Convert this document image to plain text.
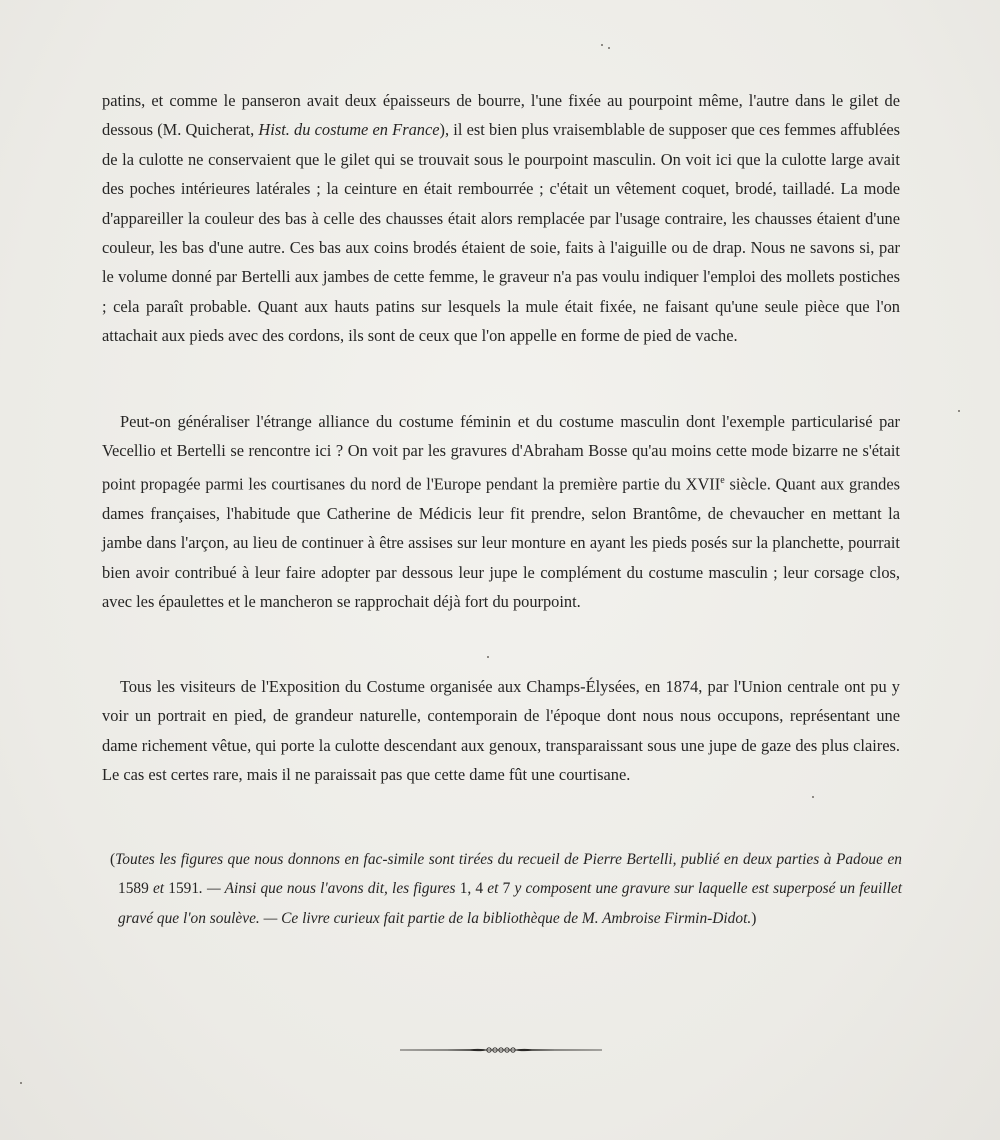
patins, et comme le panseron avait deux épaisseurs de bourre, l'une fixée au pourpoint même, l'autre dans le gilet de dessous (M. Quicherat, Hist. du costume en France), il est bien plus vraisemblable de supposer que ces femmes affublées de la culotte ne conservaient que le gilet qui se trouvait sous le pourpoint masculin. On voit ici que la culotte large avait des poches intérieures latérales ; la ceinture en était rembourrée ; c'était un vêtement coquet, brodé, tailladé. La mode d'appareiller la couleur des bas à celle des chausses était alors remplacée par l'usage contraire, les chausses étaient d'une couleur, les bas d'une autre. Ces bas aux coins brodés étaient de soie, faits à l'aiguille ou de drap. Nous ne savons si, par le volume donné par Bertelli aux jambes de cette femme, le graveur n'a pas voulu indiquer l'emploi des mollets postiches ; cela paraît probable. Quant aux hauts patins sur lesquels la mule était fixée, ne faisant qu'une seule pièce que l'on attachait aux pieds avec des cordons, ils sont de ceux que l'on appelle en forme de pied de vache.

Peut-on généraliser l'étrange alliance du costume féminin et du costume masculin dont l'exemple particularisé par Vecellio et Bertelli se rencontre ici ? On voit par les gravures d'Abraham Bosse qu'au moins cette mode bizarre ne s'était point propagée parmi les courtisanes du nord de l'Europe pendant la première partie du XVIIe siècle. Quant aux grandes dames françaises, l'habitude que Catherine de Médicis leur fit prendre, selon Brantôme, de chevaucher en mettant la jambe dans l'arçon, au lieu de continuer à être assises sur leur monture en ayant les pieds posés sur la planchette, pourrait bien avoir contribué à leur faire adopter par dessous leur jupe le complément du costume masculin ; leur corsage clos, avec les épaulettes et le mancheron se rapprochait déjà fort du pourpoint.

Tous les visiteurs de l'Exposition du Costume organisée aux Champs-Élysées, en 1874, par l'Union centrale ont pu y voir un portrait en pied, de grandeur naturelle, contemporain de l'époque dont nous nous occupons, représentant une dame richement vêtue, qui porte la culotte descendant aux genoux, transparaissant sous une jupe de gaze des plus claires. Le cas est certes rare, mais il ne paraissait pas que cette dame fût une courtisane.

(Toutes les figures que nous donnons en fac-simile sont tirées du recueil de Pierre Bertelli, publié en deux parties à Padoue en 1589 et 1591. — Ainsi que nous l'avons dit, les figures 1, 4 et 7 y composent une gravure sur laquelle est superposé un feuillet gravé que l'on soulève. — Ce livre curieux fait partie de la bibliothèque de M. Ambroise Firmin-Didot.)
